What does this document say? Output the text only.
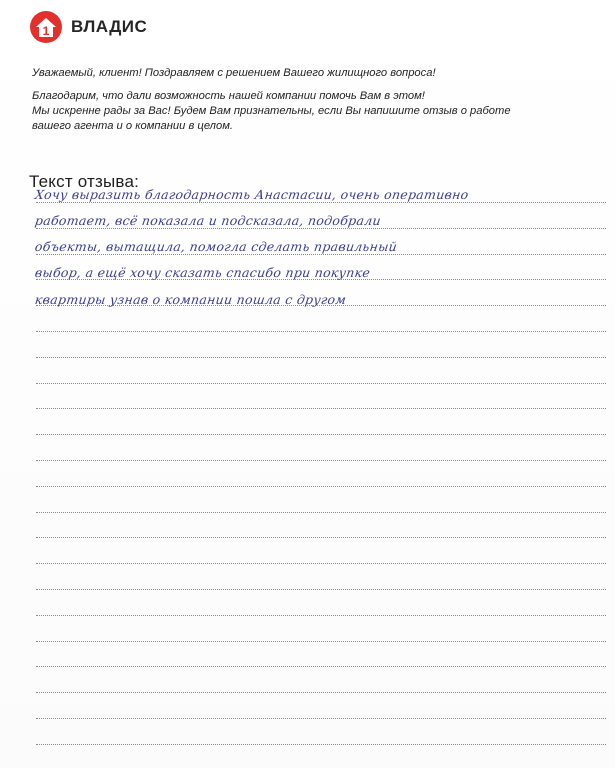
1 ВЛАДИС
Уважаемый, клиент! Поздравляем с решением Вашего жилищного вопроса!
Благодарим, что дали возможность нашей компании помочь Вам в этом!
Мы искренне рады за Вас! Будем Вам признательны, если Вы напишите отзыв о работе
вашего агента и о компании в целом.
Текст отзыва:
Хочу выразить благодарность Анастасии, очень оперативно
работает, всё показала и подсказала, подобрали
объекты, вытащила, помогла сделать правильный
выбор, а ещё хочу сказать спасибо при покупке
квартиры узнав о компании пошла с другом
